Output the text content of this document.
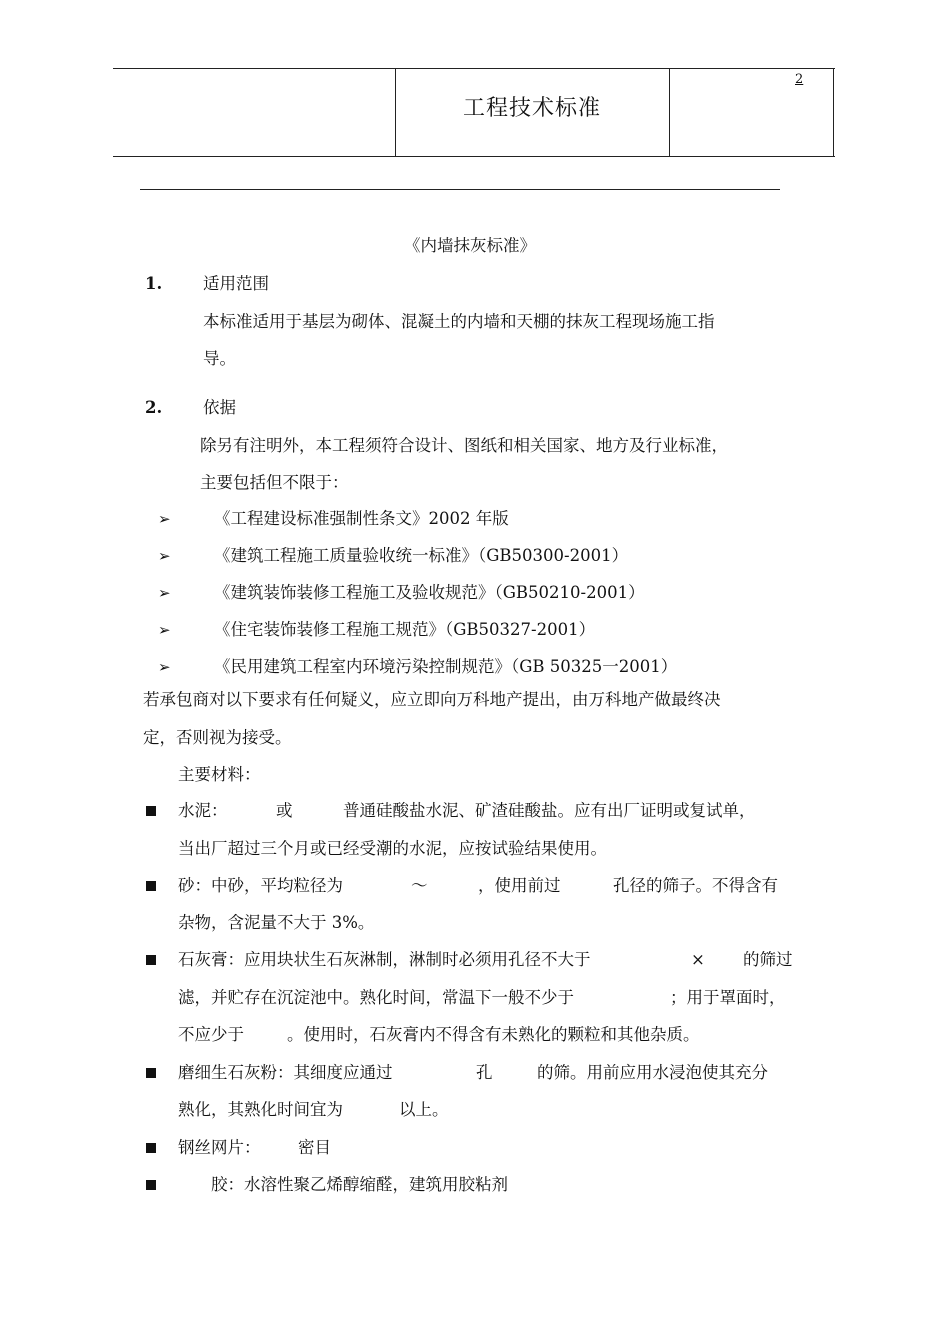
工程技术标准
2
《内墙抹灰标准》
1. 适用范围
本标准适用于基层为砌体、混凝土的内墙和天棚的抹灰工程现场施工指
导。
2. 依据
除另有注明外，本工程须符合设计、图纸和相关国家、地方及行业标准，
主要包括但不限于：
➢	《工程建设标准强制性条文》2002 年版
➢	《建筑工程施工质量验收统一标准》（GB50300-2001）
➢	《建筑装饰装修工程施工及验收规范》（GB50210-2001）
➢	《住宅装饰装修工程施工规范》（GB50327-2001）
➢	《民用建筑工程室内环境污染控制规范》（GB 50325一2001）
若承包商对以下要求有任何疑义，应立即向万科地产提出，由万科地产做最终决
定，否则视为接受。
主要材料：
水泥：	或	普通硅酸盐水泥、矿渣硅酸盐。应有出厂证明或复试单，
当出厂超过三个月或已经受潮的水泥，应按试验结果使用。
砂：中砂，平均粒径为	～	，使用前过	孔径的筛子。不得含有
杂物，含泥量不大于 3%。
石灰膏：应用块状生石灰淋制，淋制时必须用孔径不大于	× 的筛过
滤，并贮存在沉淀池中。熟化时间，常温下一般不少于	；用于罩面时，
不应少于	。使用时，石灰膏内不得含有未熟化的颗粒和其他杂质。
磨细生石灰粉：其细度应通过	孔	的筛。用前应用水浸泡使其充分
熟化，其熟化时间宜为	以上。
钢丝网片： 密目
胶：水溶性聚乙烯醇缩醛，建筑用胶粘剂
